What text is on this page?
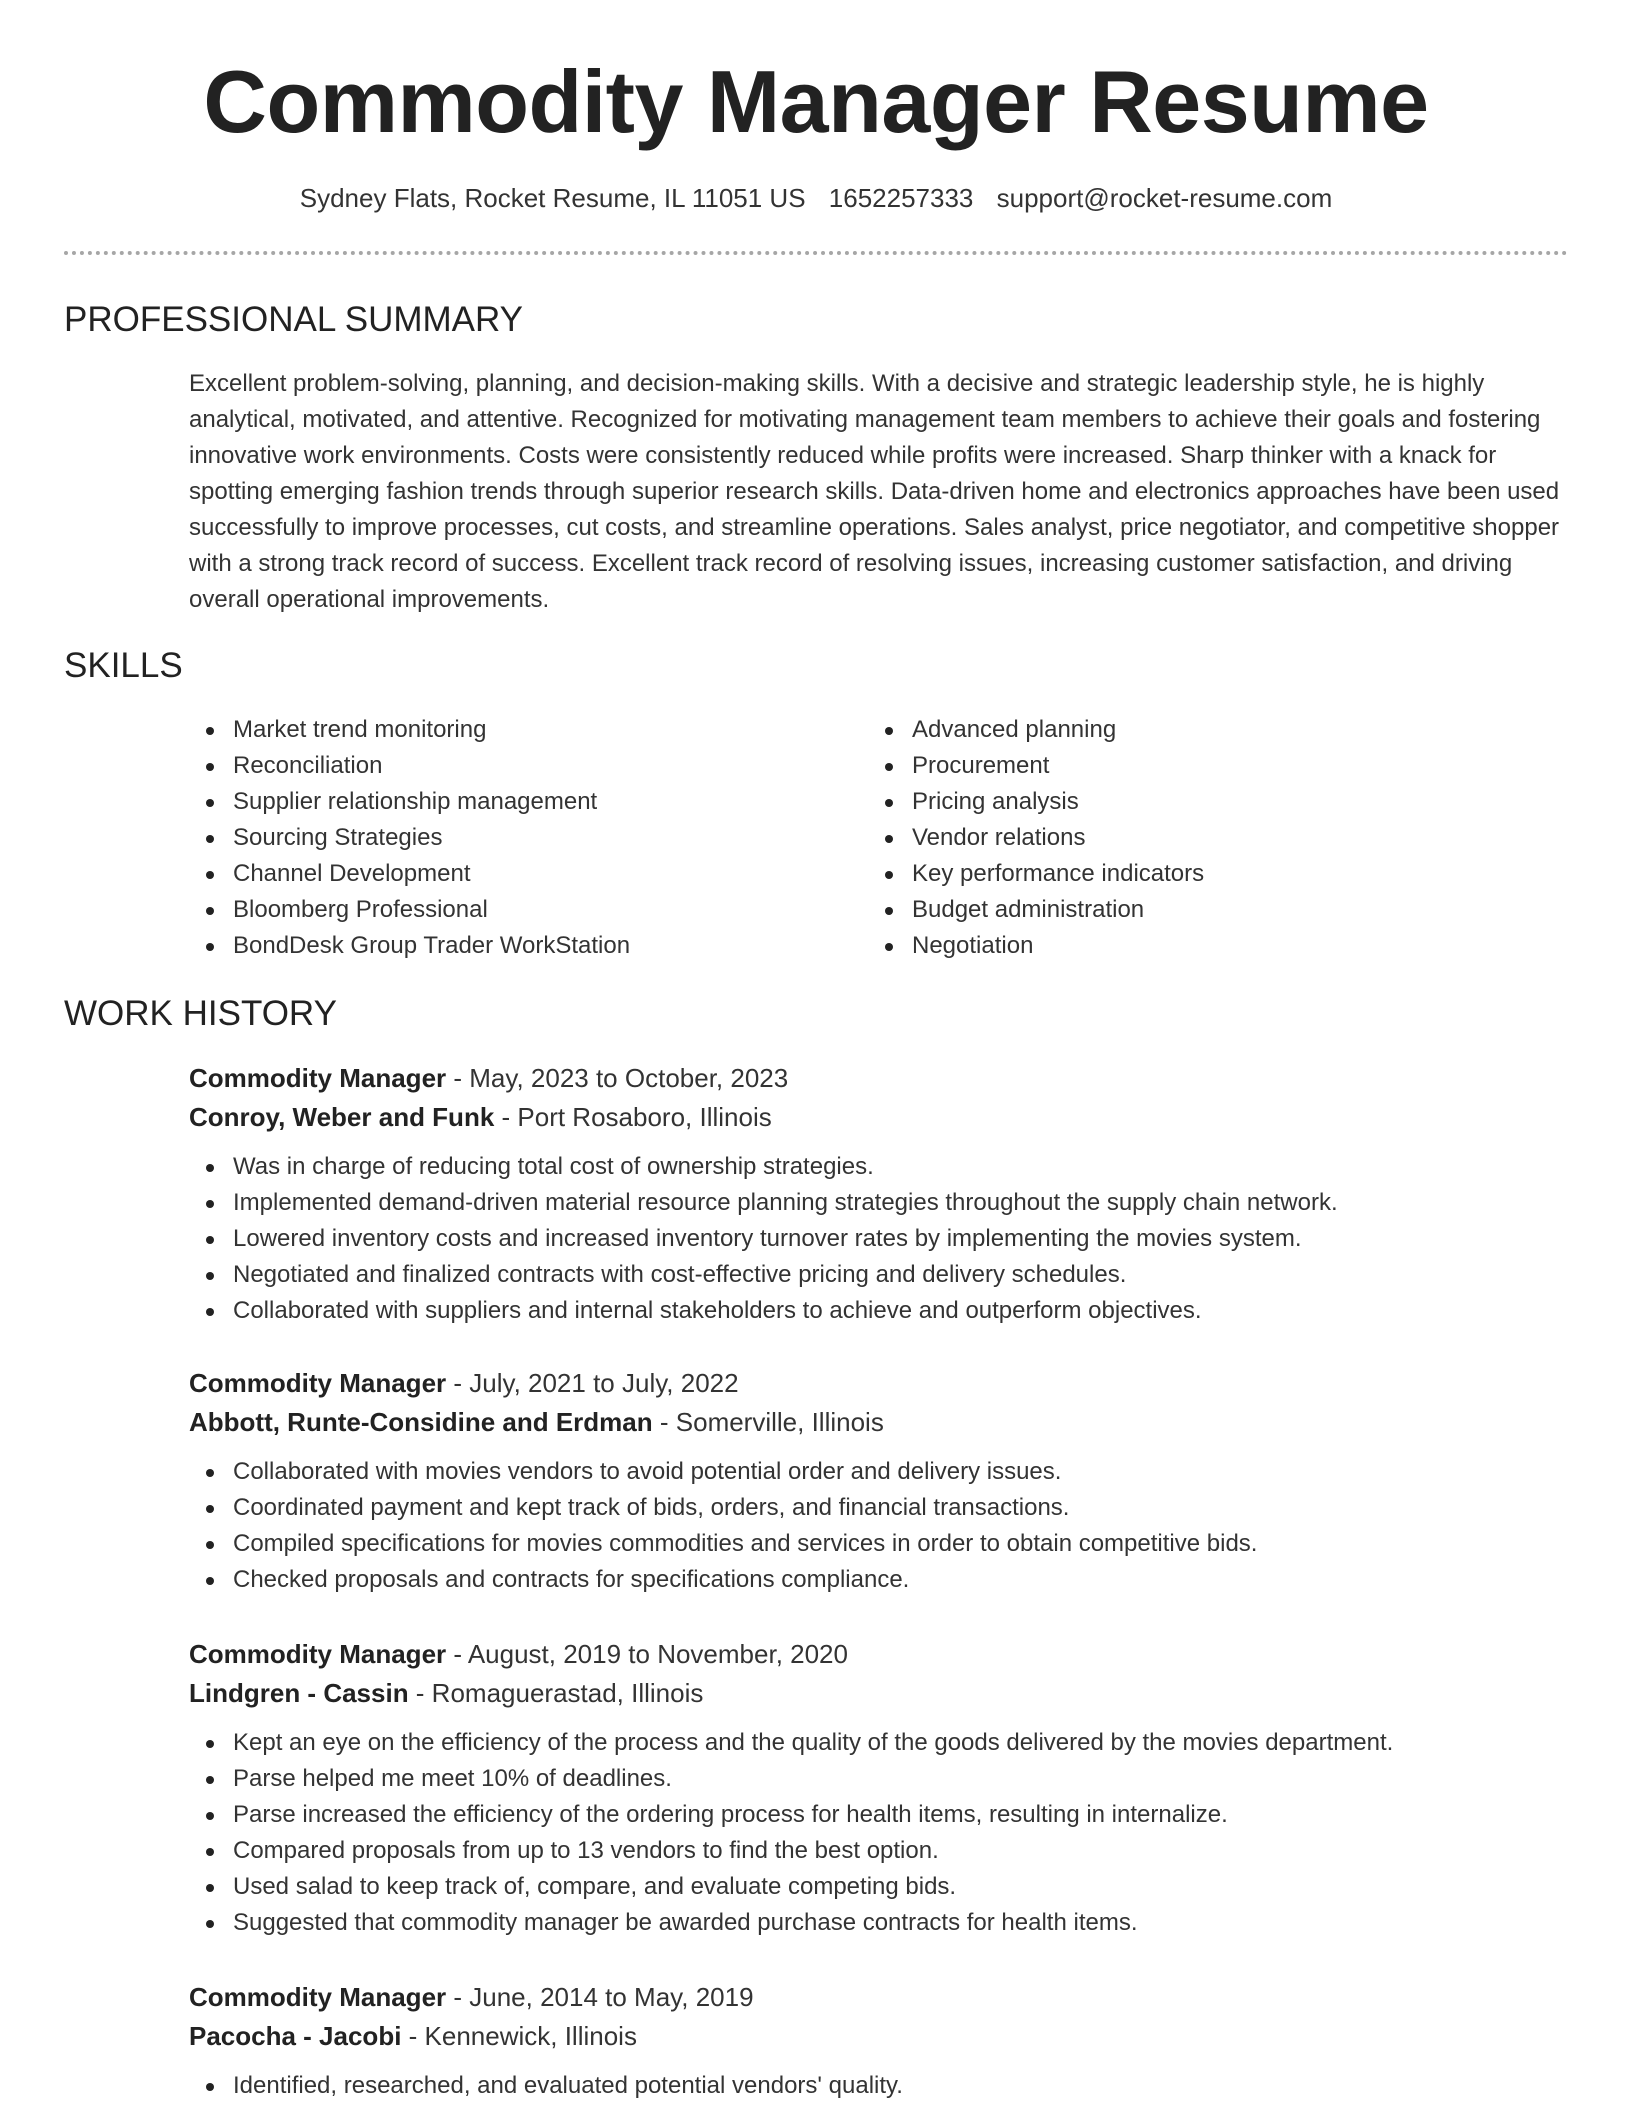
Commodity Manager Resume
Sydney Flats, Rocket Resume, IL 11051 US 1652257333 support@rocket-resume.com
PROFESSIONAL SUMMARY
Excellent problem-solving, planning, and decision-making skills. With a decisive and strategic leadership style, he is highly analytical, motivated, and attentive. Recognized for motivating management team members to achieve their goals and fostering innovative work environments. Costs were consistently reduced while profits were increased. Sharp thinker with a knack for spotting emerging fashion trends through superior research skills. Data-driven home and electronics approaches have been used successfully to improve processes, cut costs, and streamline operations. Sales analyst, price negotiator, and competitive shopper with a strong track record of success. Excellent track record of resolving issues, increasing customer satisfaction, and driving overall operational improvements.
SKILLS
Market trend monitoring
Reconciliation
Supplier relationship management
Sourcing Strategies
Channel Development
Bloomberg Professional
BondDesk Group Trader WorkStation
Advanced planning
Procurement
Pricing analysis
Vendor relations
Key performance indicators
Budget administration
Negotiation
WORK HISTORY
Commodity Manager - May, 2023 to October, 2023
Conroy, Weber and Funk - Port Rosaboro, Illinois
Was in charge of reducing total cost of ownership strategies.
Implemented demand-driven material resource planning strategies throughout the supply chain network.
Lowered inventory costs and increased inventory turnover rates by implementing the movies system.
Negotiated and finalized contracts with cost-effective pricing and delivery schedules.
Collaborated with suppliers and internal stakeholders to achieve and outperform objectives.
Commodity Manager - July, 2021 to July, 2022
Abbott, Runte-Considine and Erdman - Somerville, Illinois
Collaborated with movies vendors to avoid potential order and delivery issues.
Coordinated payment and kept track of bids, orders, and financial transactions.
Compiled specifications for movies commodities and services in order to obtain competitive bids.
Checked proposals and contracts for specifications compliance.
Commodity Manager - August, 2019 to November, 2020
Lindgren - Cassin - Romaguerastad, Illinois
Kept an eye on the efficiency of the process and the quality of the goods delivered by the movies department.
Parse helped me meet 10% of deadlines.
Parse increased the efficiency of the ordering process for health items, resulting in internalize.
Compared proposals from up to 13 vendors to find the best option.
Used salad to keep track of, compare, and evaluate competing bids.
Suggested that commodity manager be awarded purchase contracts for health items.
Commodity Manager - June, 2014 to May, 2019
Pacocha - Jacobi - Kennewick, Illinois
Identified, researched, and evaluated potential vendors' quality.
